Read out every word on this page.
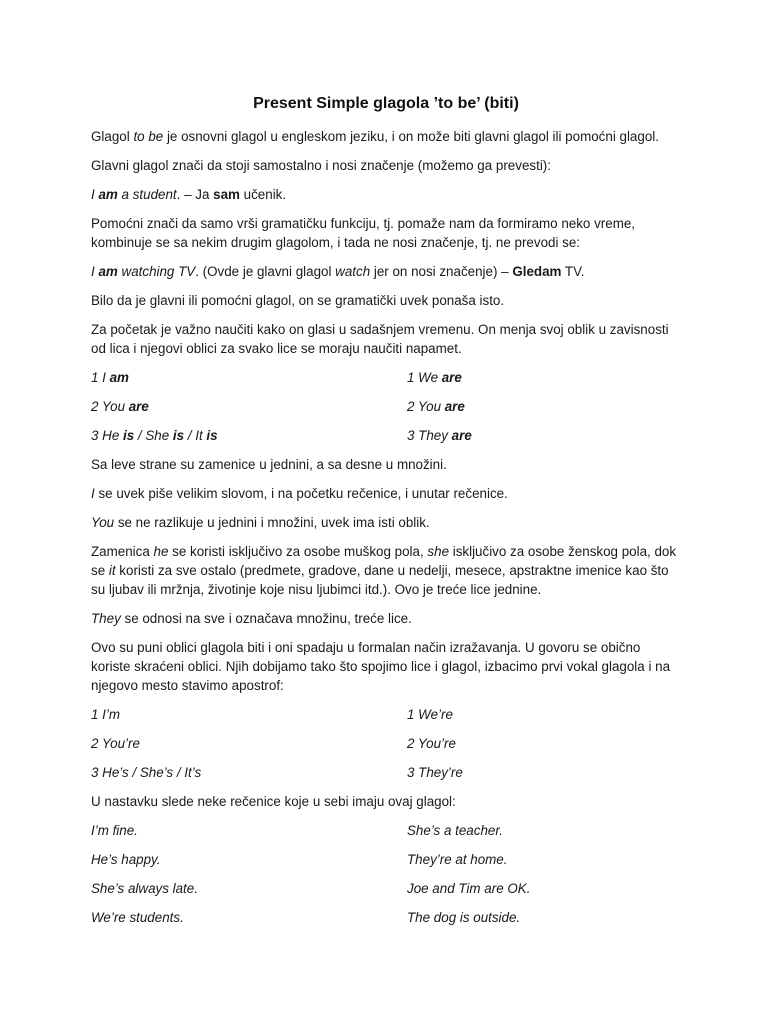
Present Simple glagola ’to be’ (biti)

Glagol to be je osnovni glagol u engleskom jeziku, i on može biti glavni glagol ili pomoćni glagol.

Glavni glagol znači da stoji samostalno i nosi značenje (možemo ga prevesti):

I am a student. – Ja sam učenik.

Pomoćni znači da samo vrši gramatičku funkciju, tj. pomaže nam da formiramo neko vreme, kombinuje se sa nekim drugim glagolom, i tada ne nosi značenje, tj. ne prevodi se:

I am watching TV. (Ovde je glavni glagol watch jer on nosi značenje) – Gledam TV.

Bilo da je glavni ili pomoćni glagol, on se gramatički uvek ponaša isto.

Za početak je važno naučiti kako on glasi u sadašnjem vremenu. On menja svoj oblik u zavisnosti od lica i njegovi oblici za svako lice se moraju naučiti napamet.

1 I am	1 We are
2 You are	2 You are
3 He is / She is / It is	3 They are

Sa leve strane su zamenice u jednini, a sa desne u množini.

I se uvek piše velikim slovom, i na početku rečenice, i unutar rečenice.

You se ne razlikuje u jednini i množini, uvek ima isti oblik.

Zamenica he se koristi isključivo za osobe muškog pola, she isključivo za osobe ženskog pola, dok se it koristi za sve ostalo (predmete, gradove, dane u nedelji, mesece, apstraktne imenice kao što su ljubav ili mržnja, životinje koje nisu ljubimci itd.). Ovo je treće lice jednine.

They se odnosi na sve i označava množinu, treće lice.

Ovo su puni oblici glagola biti i oni spadaju u formalan način izražavanja. U govoru se obično koriste skraćeni oblici. Njih dobijamo tako što spojimo lice i glagol, izbacimo prvi vokal glagola i na njegovo mesto stavimo apostrof:

1 I’m	1 We’re
2 You’re	2 You’re
3 He’s / She’s / It’s	3 They’re

U nastavku slede neke rečenice koje u sebi imaju ovaj glagol:

I’m fine.	She’s a teacher.
He’s happy.	They’re at home.
She’s always late.	Joe and Tim are OK.
We’re students.	The dog is outside.
